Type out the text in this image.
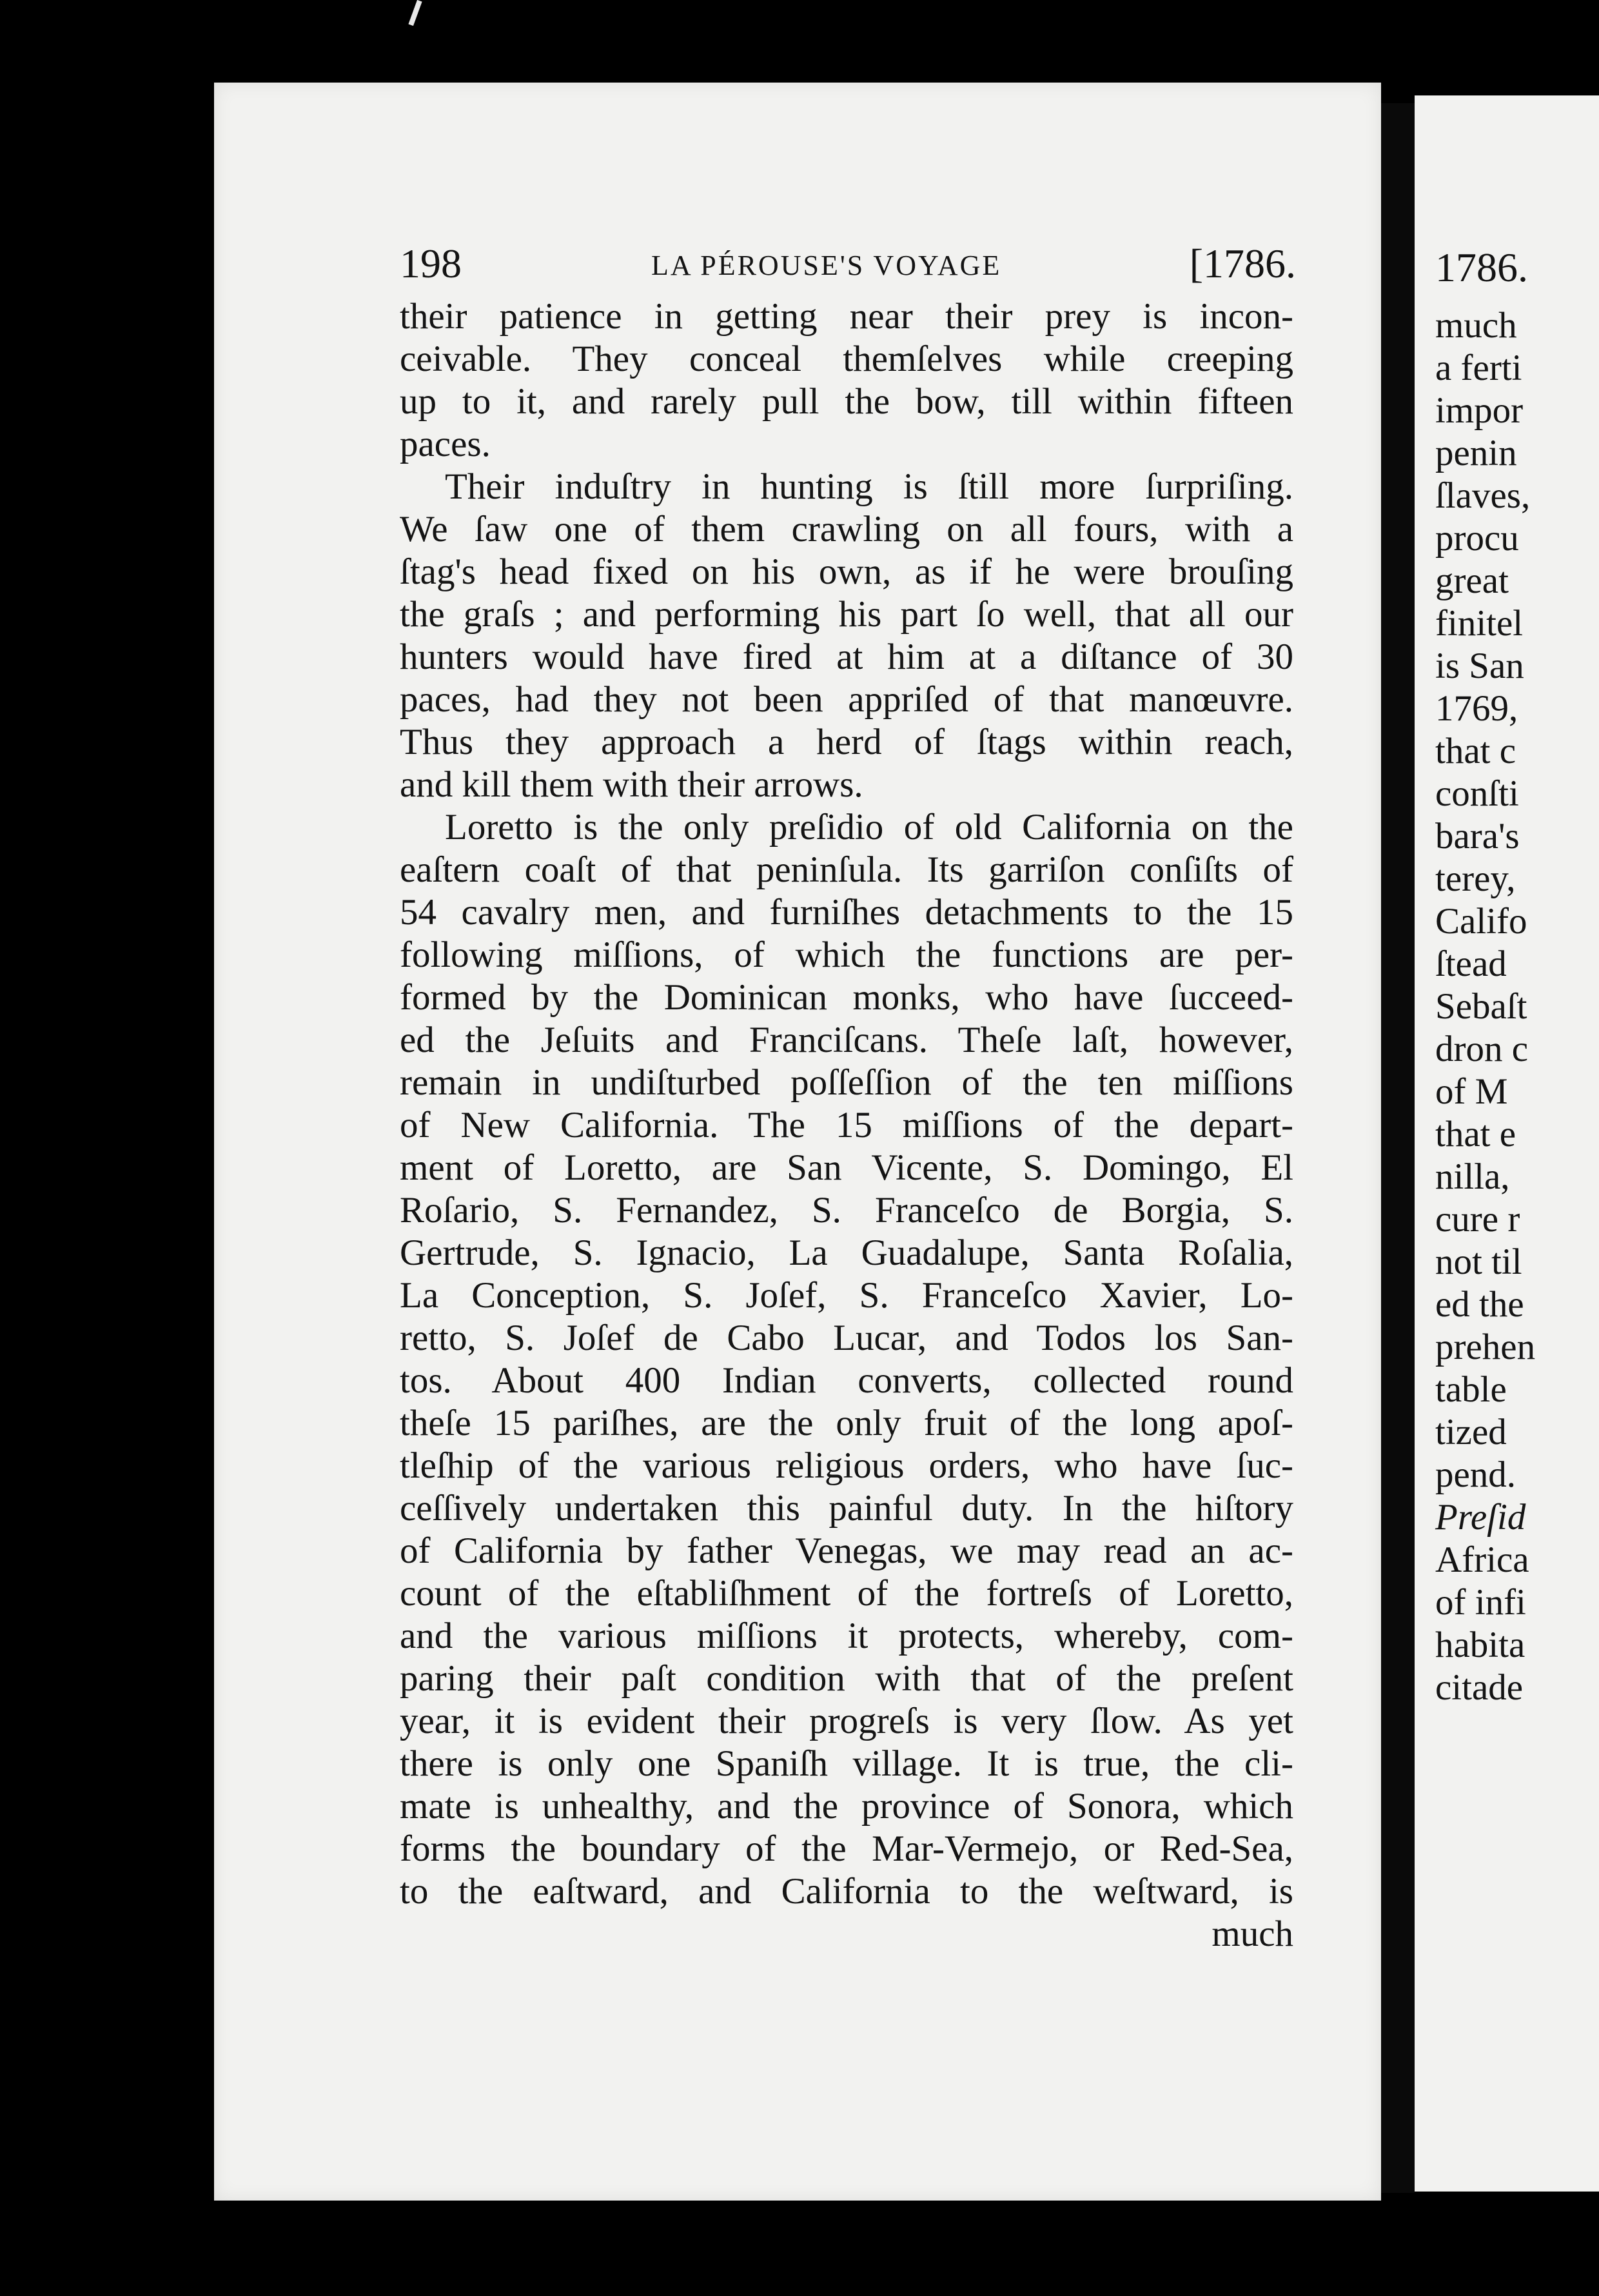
1786.
much
a ferti
impor
penin
ſlaves,
procu
great
finitel
is San
1769,
that c
conſti
bara's
terey,
Califo
ſtead
Sebaſt
dron c
of M
that e
nilla,
cure r
not til
ed the
prehen
table
tized
pend.
Preſid
Africa
of infi
habita
citade
198	LA PÉROUSE'S VOYAGE	[1786.
their patience in getting near their prey is incon-
ceivable. They conceal themſelves while creeping
up to it, and rarely pull the bow, till within fifteen
paces.
Their induſtry in hunting is ſtill more ſurpriſing.
We ſaw one of them crawling on all fours, with a
ſtag's head fixed on his own, as if he were brouſing
the graſs ; and performing his part ſo well, that all our
hunters would have fired at him at a diſtance of 30
paces, had they not been appriſed of that manœuvre.
Thus they approach a herd of ſtags within reach,
and kill them with their arrows.
Loretto is the only preſidio of old California on the
eaſtern coaſt of that peninſula. Its garriſon conſiſts of
54 cavalry men, and furniſhes detachments to the 15
following miſſions, of which the functions are per-
formed by the Dominican monks, who have ſucceed-
ed the Jeſuits and Franciſcans. Theſe laſt, however,
remain in undiſturbed poſſeſſion of the ten miſſions
of New California. The 15 miſſions of the depart-
ment of Loretto, are San Vicente, S. Domingo, El
Roſario, S. Fernandez, S. Franceſco de Borgia, S.
Gertrude, S. Ignacio, La Guadalupe, Santa Roſalia,
La Conception, S. Joſef, S. Franceſco Xavier, Lo-
retto, S. Joſef de Cabo Lucar, and Todos los San-
tos. About 400 Indian converts, collected round
theſe 15 pariſhes, are the only fruit of the long apoſ-
tleſhip of the various religious orders, who have ſuc-
ceſſively undertaken this painful duty. In the hiſtory
of California by father Venegas, we may read an ac-
count of the eſtabliſhment of the fortreſs of Loretto,
and the various miſſions it protects, whereby, com-
paring their paſt condition with that of the preſent
year, it is evident their progreſs is very ſlow. As yet
there is only one Spaniſh village. It is true, the cli-
mate is unhealthy, and the province of Sonora, which
forms the boundary of the Mar-Vermejo, or Red-Sea,
to the eaſtward, and California to the weſtward, is
much
